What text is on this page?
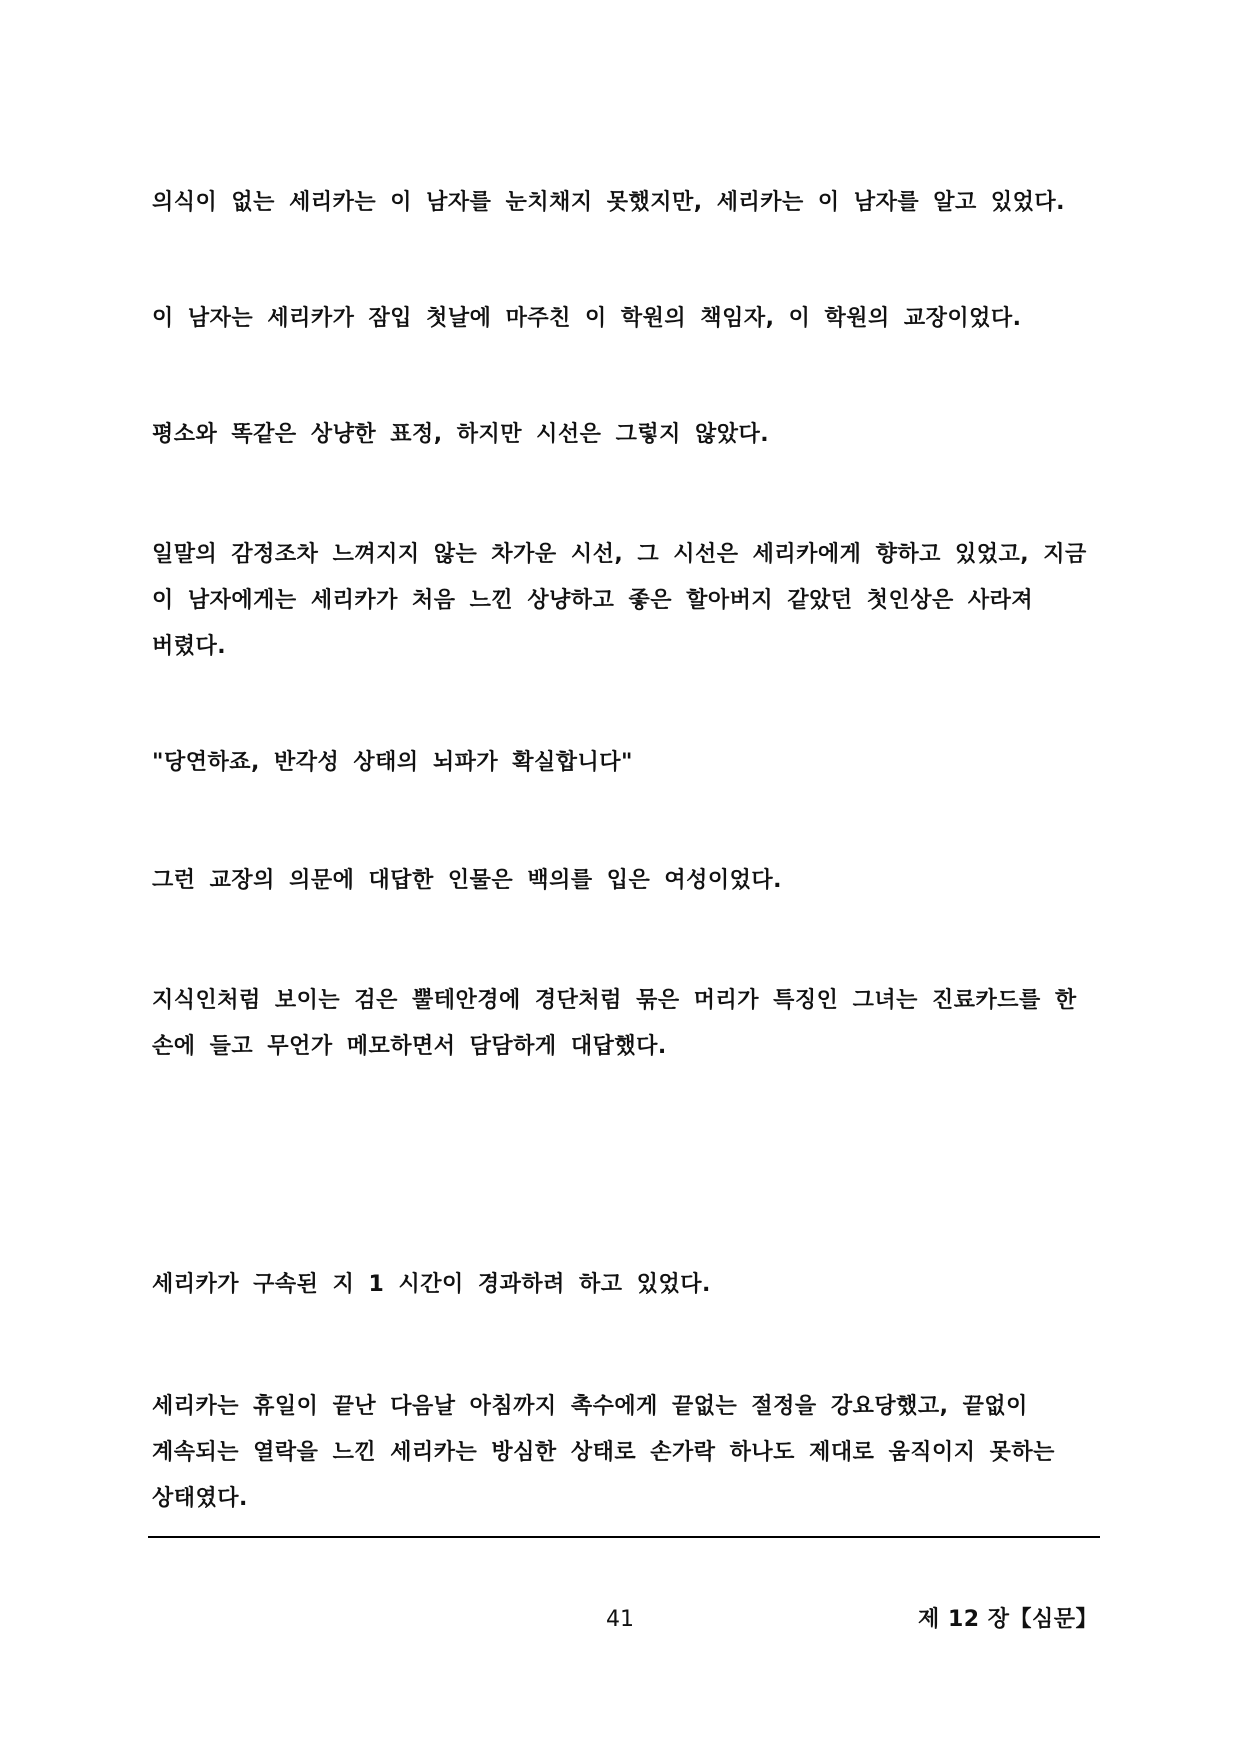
의식이 없는 세리카는 이 남자를 눈치채지 못했지만, 세리카는 이 남자를 알고 있었다.

이 남자는 세리카가 잠입 첫날에 마주친 이 학원의 책임자, 이 학원의 교장이었다.

평소와 똑같은 상냥한 표정, 하지만 시선은 그렇지 않았다.

일말의 감정조차 느껴지지 않는 차가운 시선, 그 시선은 세리카에게 향하고 있었고, 지금
이 남자에게는 세리카가 처음 느낀 상냥하고 좋은 할아버지 같았던 첫인상은 사라져
버렸다.

"당연하죠, 반각성 상태의 뇌파가 확실합니다"

그런 교장의 의문에 대답한 인물은 백의를 입은 여성이었다.

지식인처럼 보이는 검은 뿔테안경에 경단처럼 묶은 머리가 특징인 그녀는 진료카드를 한
손에 들고 무언가 메모하면서 담담하게 대답했다.

세리카가 구속된 지 1 시간이 경과하려 하고 있었다.

세리카는 휴일이 끝난 다음날 아침까지 촉수에게 끝없는 절정을 강요당했고, 끝없이
계속되는 열락을 느낀 세리카는 방심한 상태로 손가락 하나도 제대로 움직이지 못하는
상태였다.

41	제 12 장【심문】
